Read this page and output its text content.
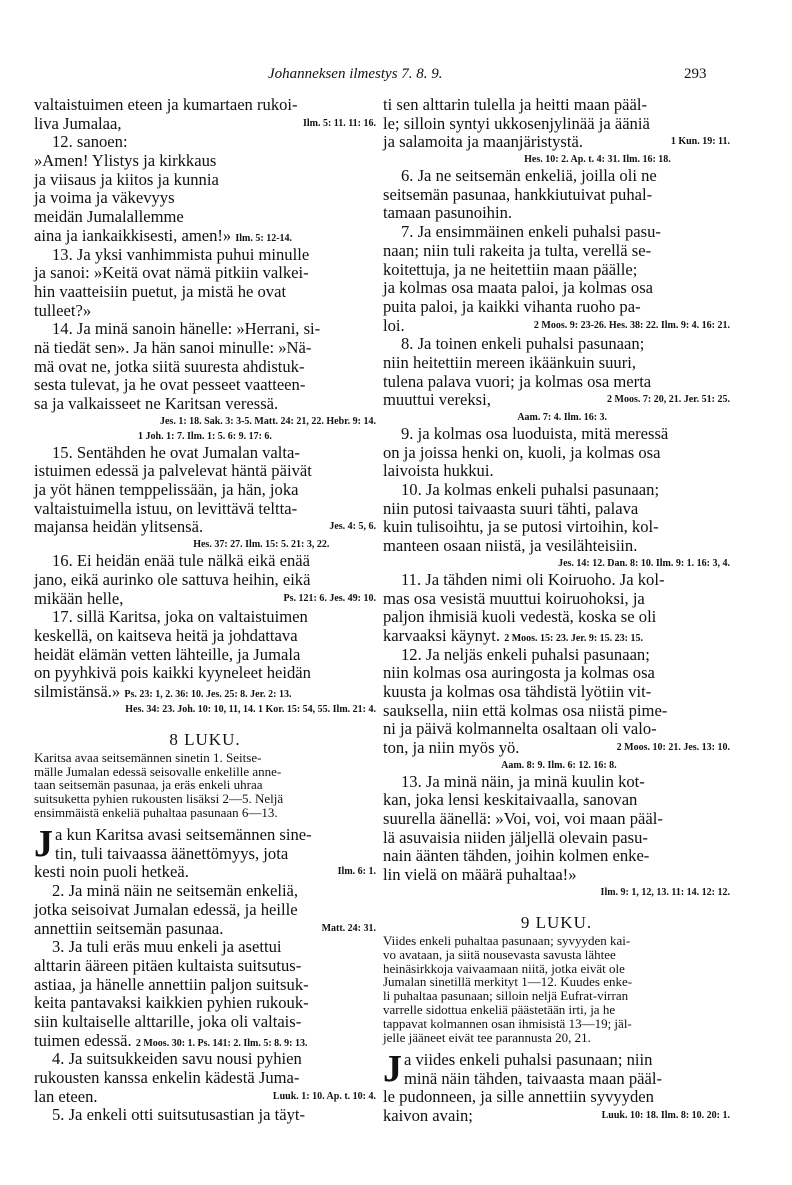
Johanneksen ilmestys 7. 8. 9.	293
valtaistuimen eteen ja kumartaen rukoi-
liva Jumalaa,	Ilm. 5: 11. 11: 16.
12. sanoen:
»Amen! Ylistys ja kirkkaus
ja viisaus ja kiitos ja kunnia
ja voima ja väkevyys
meidän Jumalallemme
aina ja iankaikkisesti, amen!» Ilm. 5: 12-14.
13. Ja yksi vanhimmista puhui minulle
ja sanoi: »Keitä ovat nämä pitkiin valkei-
hin vaatteisiin puetut, ja mistä he ovat
tulleet?»
14. Ja minä sanoin hänelle: »Herrani, si-
nä tiedät sen». Ja hän sanoi minulle: »Nä-
mä ovat ne, jotka siitä suuresta ahdistuk-
sesta tulevat, ja he ovat pesseet vaatteen-
sa ja valkaisseet ne Karitsan veressä.
Jes. 1: 18. Sak. 3: 3-5. Matt. 24: 21, 22. Hebr. 9: 14.
1 Joh. 1: 7. Ilm. 1: 5. 6: 9. 17: 6.
15. Sentähden he ovat Jumalan valta-
istuimen edessä ja palvelevat häntä päivät
ja yöt hänen temppelissään, ja hän, joka
valtaistuimella istuu, on levittävä teltta-
majansa heidän ylitsensä.	Jes. 4: 5, 6.
Hes. 37: 27. Ilm. 15: 5. 21: 3, 22.
16. Ei heidän enää tule nälkä eikä enää
jano, eikä aurinko ole sattuva heihin, eikä
mikään helle,	Ps. 121: 6. Jes. 49: 10.
17. sillä Karitsa, joka on valtaistuimen
keskellä, on kaitseva heitä ja johdattava
heidät elämän vetten lähteille, ja Jumala
on pyyhkivä pois kaikki kyyneleet heidän
silmistänsä.» Ps. 23: 1, 2. 36: 10. Jes. 25: 8. Jer. 2: 13.
Hes. 34: 23. Joh. 10: 10, 11, 14. 1 Kor. 15: 54, 55. Ilm. 21: 4.
8 LUKU.
Karitsa avaa seitsemännen sinetin 1. Seitse-
mälle Jumalan edessä seisovalle enkelille anne-
taan seitsemän pasunaa, ja eräs enkeli uhraa
suitsuketta pyhien rukousten lisäksi 2—5. Neljä
ensimmäistä enkeliä puhaltaa pasunaan 6—13.
J a kun Karitsa avasi seitsemännen sine-
tin, tuli taivaassa äänettömyys, jota
kesti noin puoli hetkeä.	Ilm. 6: 1.
2. Ja minä näin ne seitsemän enkeliä,
jotka seisoivat Jumalan edessä, ja heille
annettiin seitsemän pasunaa.	Matt. 24: 31.
3. Ja tuli eräs muu enkeli ja asettui
alttarin ääreen pitäen kultaista suitsutus-
astiaa, ja hänelle annettiin paljon suitsuk-
keita pantavaksi kaikkien pyhien rukouk-
siin kultaiselle alttarille, joka oli valtais-
tuimen edessä. 2 Moos. 30: 1. Ps. 141: 2. Ilm. 5: 8. 9: 13.
4. Ja suitsukkeiden savu nousi pyhien
rukousten kanssa enkelin kädestä Juma-
lan eteen.	Luuk. 1: 10. Ap. t. 10: 4.
5. Ja enkeli otti suitsutusastian ja täyt-
ti sen alttarin tulella ja heitti maan pääl-
le; silloin syntyi ukkosenjylinää ja ääniä
ja salamoita ja maanjäristystä.	1 Kun. 19: 11.
Hes. 10: 2. Ap. t. 4: 31. Ilm. 16: 18.
6. Ja ne seitsemän enkeliä, joilla oli ne
seitsemän pasunaa, hankkiutuivat puhal-
tamaan pasunoihin.
7. Ja ensimmäinen enkeli puhalsi pasu-
naan; niin tuli rakeita ja tulta, verellä se-
koitettuja, ja ne heitettiin maan päälle;
ja kolmas osa maata paloi, ja kolmas osa
puita paloi, ja kaikki vihanta ruoho pa-
loi.	2 Moos. 9: 23-26. Hes. 38: 22. Ilm. 9: 4. 16: 21.
8. Ja toinen enkeli puhalsi pasunaan;
niin heitettiin mereen ikäänkuin suuri,
tulena palava vuori; ja kolmas osa merta
muuttui vereksi,	2 Moos. 7: 20, 21. Jer. 51: 25.
Aam. 7: 4. Ilm. 16: 3.
9. ja kolmas osa luoduista, mitä meressä
on ja joissa henki on, kuoli, ja kolmas osa
laivoista hukkui.
10. Ja kolmas enkeli puhalsi pasunaan;
niin putosi taivaasta suuri tähti, palava
kuin tulisoihtu, ja se putosi virtoihin, kol-
manteen osaan niistä, ja vesilähteisiin.
Jes. 14: 12. Dan. 8: 10. Ilm. 9: 1. 16: 3, 4.
11. Ja tähden nimi oli Koiruoho. Ja kol-
mas osa vesistä muuttui koiruohoksi, ja
paljon ihmisiä kuoli vedestä, koska se oli
karvaaksi käynyt. 2 Moos. 15: 23. Jer. 9: 15. 23: 15.
12. Ja neljäs enkeli puhalsi pasunaan;
niin kolmas osa auringosta ja kolmas osa
kuusta ja kolmas osa tähdistä lyötiin vit-
sauksella, niin että kolmas osa niistä pime-
ni ja päivä kolmannelta osaltaan oli valo-
ton, ja niin myös yö.	2 Moos. 10: 21. Jes. 13: 10.
Aam. 8: 9. Ilm. 6: 12. 16: 8.
13. Ja minä näin, ja minä kuulin kot-
kan, joka lensi keskitaivaalla, sanovan
suurella äänellä: »Voi, voi, voi maan pääl-
lä asuvaisia niiden jäljellä olevain pasu-
nain äänten tähden, joihin kolmen enke-
lin vielä on määrä puhaltaa!»
Ilm. 9: 1, 12, 13. 11: 14. 12: 12.
9 LUKU.
Viides enkeli puhaltaa pasunaan; syvyyden kai-
vo avataan, ja siitä nousevasta savusta lähtee
heinäsirkkoja vaivaamaan niitä, jotka eivät ole
Jumalan sinetillä merkityt 1—12. Kuudes enke-
li puhaltaa pasunaan; silloin neljä Eufrat-virran
varrelle sidottua enkeliä päästetään irti, ja he
tappavat kolmannen osan ihmisistä 13—19; jäl-
jelle jääneet eivät tee parannusta 20, 21.
J a viides enkeli puhalsi pasunaan; niin
minä näin tähden, taivaasta maan pääl-
le pudonneen, ja sille annettiin syvyyden
kaivon avain;	Luuk. 10: 18. Ilm. 8: 10. 20: 1.
